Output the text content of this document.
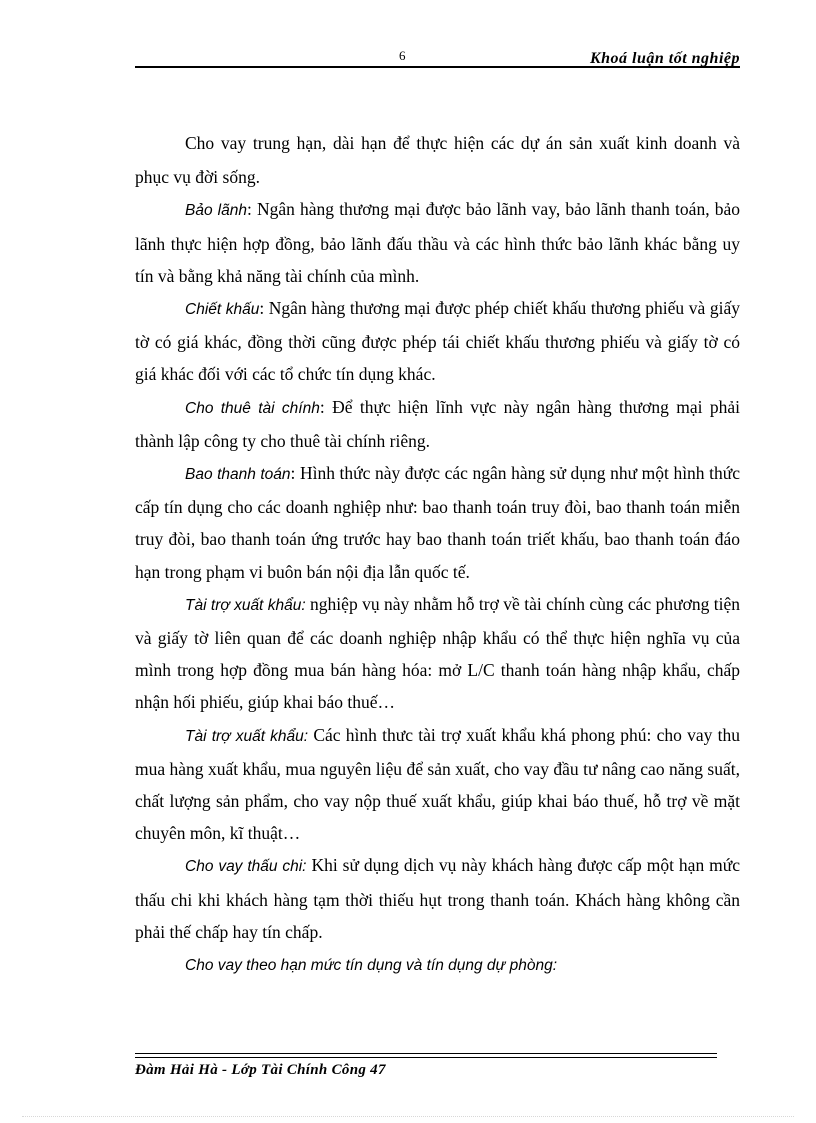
6	Khoá luận tốt nghiệp

Cho vay trung hạn, dài hạn để thực hiện các dự án sản xuất kinh doanh và phục vụ đời sống.

Bảo lãnh: Ngân hàng thương mại được bảo lãnh vay, bảo lãnh thanh toán, bảo lãnh thực hiện hợp đồng, bảo lãnh đấu thầu và các hình thức bảo lãnh khác bằng uy tín và bằng khả năng tài chính của mình.

Chiết khấu: Ngân hàng thương mại được phép chiết khấu thương phiếu và giấy tờ có giá khác, đồng thời cũng được phép tái chiết khấu thương phiếu và giấy tờ có giá khác đối với các tổ chức tín dụng khác.

Cho thuê tài chính: Để thực hiện lĩnh vực này ngân hàng thương mại phải thành lập công ty cho thuê tài chính riêng.

Bao thanh toán: Hình thức này được các ngân hàng sử dụng như một hình thức cấp tín dụng cho các doanh nghiệp như: bao thanh toán truy đòi, bao thanh toán miễn truy đòi, bao thanh toán ứng trước hay bao thanh toán triết khấu, bao thanh toán đáo hạn trong phạm vi buôn bán nội địa lẫn quốc tế.

Tài trợ xuất khẩu: nghiệp vụ này nhằm hỗ trợ về tài chính cùng các phương tiện và giấy tờ liên quan để các doanh nghiệp nhập khẩu có thể thực hiện nghĩa vụ của mình trong hợp đồng mua bán hàng hóa: mở L/C thanh toán hàng nhập khẩu, chấp nhận hối phiếu, giúp khai báo thuế…

Tài trợ xuất khẩu: Các hình thưc tài trợ xuất khẩu khá phong phú: cho vay thu mua hàng xuất khẩu, mua nguyên liệu để sản xuất, cho vay đầu tư nâng cao năng suất, chất lượng sản phẩm, cho vay nộp thuế xuất khẩu, giúp khai báo thuế, hỗ trợ về mặt chuyên môn, kĩ thuật…

Cho vay thấu chi: Khi sử dụng dịch vụ này khách hàng được cấp một hạn mức thấu chi khi khách hàng tạm thời thiếu hụt trong thanh toán. Khách hàng không cần phải thế chấp hay tín chấp.

Cho vay theo hạn mức tín dụng và tín dụng dự phòng:

Đàm Hải Hà - Lớp Tài Chính Công 47
